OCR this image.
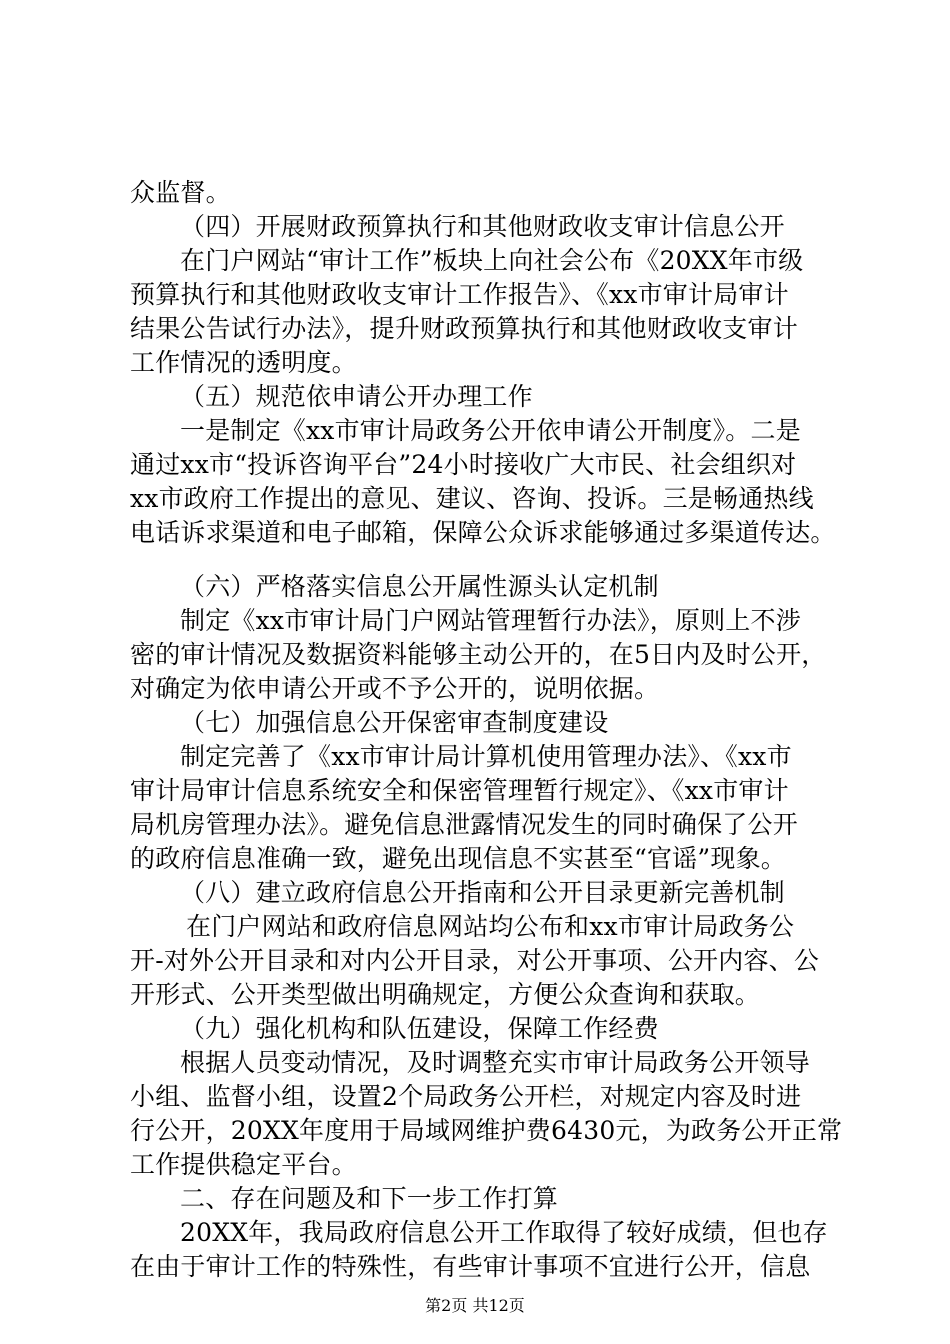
众监督。
（四）开展财政预算执行和其他财政收支审计信息公开
在门户网站“审计工作”板块上向社会公布《20XX年市级
预算执行和其他财政收支审计工作报告》、《xx市审计局审计
结果公告试行办法》，提升财政预算执行和其他财政收支审计
工作情况的透明度。
（五）规范依申请公开办理工作
一是制定《xx市审计局政务公开依申请公开制度》。二是
通过xx市“投诉咨询平台”24小时接收广大市民、社会组织对
xx市政府工作提出的意见、建议、咨询、投诉。三是畅通热线
电话诉求渠道和电子邮箱，保障公众诉求能够通过多渠道传达。
（六）严格落实信息公开属性源头认定机制
制定《xx市审计局门户网站管理暂行办法》，原则上不涉
密的审计情况及数据资料能够主动公开的，在5日内及时公开，
对确定为依申请公开或不予公开的，说明依据。
（七）加强信息公开保密审查制度建设
制定完善了《xx市审计局计算机使用管理办法》、《xx市
审计局审计信息系统安全和保密管理暂行规定》、《xx市审计
局机房管理办法》。避免信息泄露情况发生的同时确保了公开
的政府信息准确一致，避免出现信息不实甚至“官谣”现象。
（八）建立政府信息公开指南和公开目录更新完善机制
在门户网站和政府信息网站均公布和xx市审计局政务公
开-对外公开目录和对内公开目录，对公开事项、公开内容、公
开形式、公开类型做出明确规定，方便公众查询和获取。
（九）强化机构和队伍建设，保障工作经费
根据人员变动情况，及时调整充实市审计局政务公开领导
小组、监督小组，设置2个局政务公开栏，对规定内容及时进
行公开，20XX年度用于局域网维护费6430元，为政务公开正常
工作提供稳定平台。
二、存在问题及和下一步工作打算
20XX年，我局政府信息公开工作取得了较好成绩，但也存
在由于审计工作的特殊性，有些审计事项不宜进行公开，信息
第2页 共12页
